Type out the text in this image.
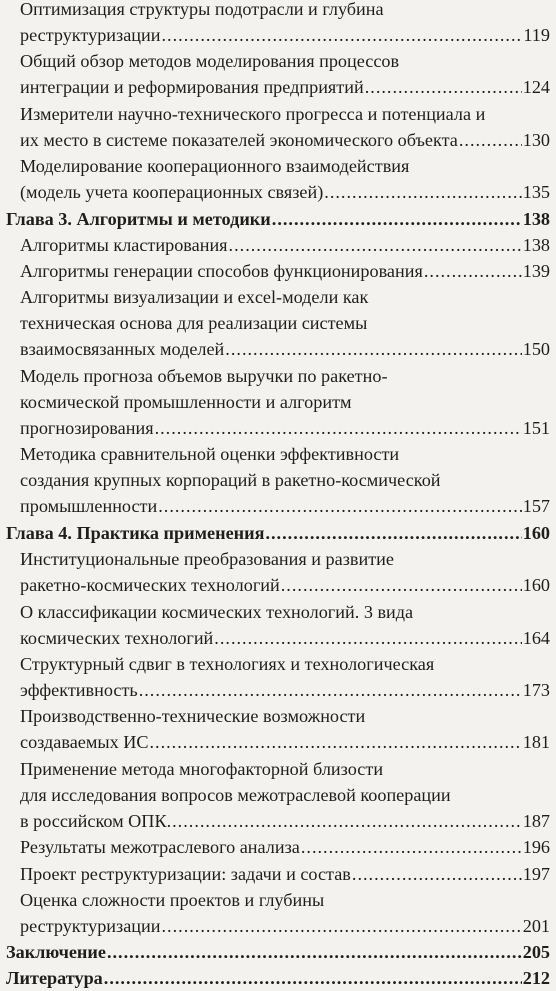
Оптимизация структуры подотрасли и глубина
реструктуризации .....	119
Общий обзор методов моделирования процессов
интеграции и реформирования предприятий .....	124
Измерители научно-технического прогресса и потенциала и
их место в системе показателей экономического объекта .....	130
Моделирование кооперационного взаимодействия
(модель учета кооперационных связей) .....	135
Глава 3. Алгоритмы и методики .....	138
Алгоритмы кластирования .....	138
Алгоритмы генерации способов функционирования .....	139
Алгоритмы визуализации и excel-модели как
техническая основа для реализации системы
взаимосвязанных моделей .....	150
Модель прогноза объемов выручки по ракетно-
космической промышленности и алгоритм
прогнозирования .....	151
Методика сравнительной оценки эффективности
создания крупных корпораций в ракетно-космической
промышленности .....	157
Глава 4. Практика применения .....	160
Институциональные преобразования и развитие
ракетно-космических технологий .....	160
О классификации космических технологий. 3 вида
космических технологий .....	164
Структурный сдвиг в технологиях и технологическая
эффективность .....	173
Производственно-технические возможности
создаваемых ИС .....	181
Применение метода многофакторной близости
для исследования вопросов межотраслевой кооперации
в российском ОПК. .....	187
Результаты межотраслевого анализа .....	196
Проект реструктуризации: задачи и состав .....	197
Оценка сложности проектов и глубины
реструктуризации .....	201
Заключение .....	205
Литература .....	212
